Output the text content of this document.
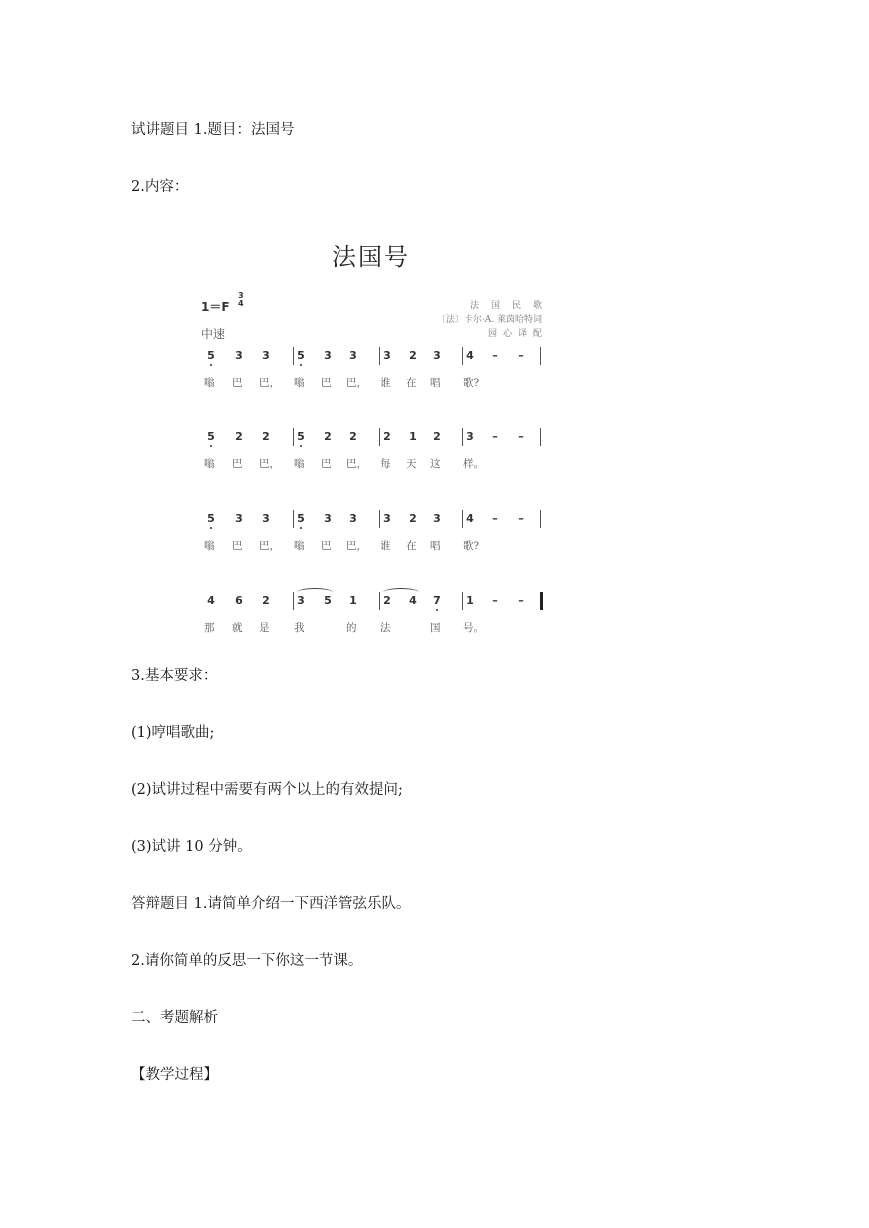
试讲题目 1.题目：法国号

2.内容：

法国号
1＝F
3
4
中速
法国民歌
〔法〕卡尔·A. 莱茵哈特词
园心译配
5 3 3 5 3 3 3 2 3 4	–	–
嗡 巴 巴， 嗡 巴 巴， 谁 在 唱 歌?
5 2 2 5 2 2 2 1 2 3	–	–
嗡 巴 巴， 嗡 巴 巴， 每 天 这 样。
5 3 3 5 3 3 3 2 3 4	–	–
嗡 巴 巴， 嗡 巴 巴， 谁 在 唱 歌?
4 6 2 3 5 1 2 4 7 1	–	–
那 就 是 我	的 法	国 号。

3.基本要求：

(1)哼唱歌曲;

(2)试讲过程中需要有两个以上的有效提问;

(3)试讲 10 分钟。

答辩题目 1.请简单介绍一下西洋管弦乐队。

2.请你简单的反思一下你这一节课。

二、考题解析

【教学过程】
